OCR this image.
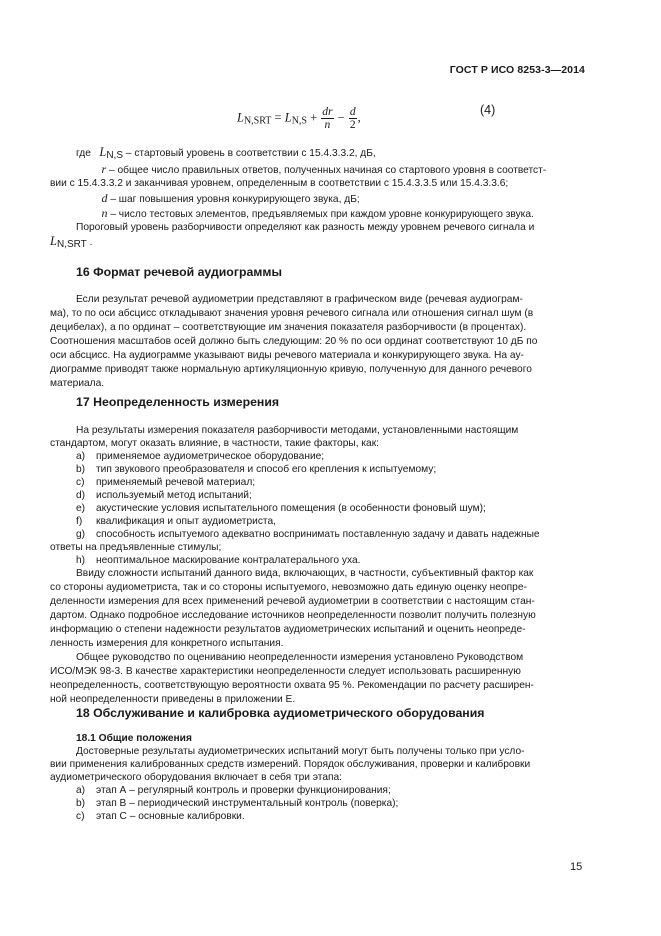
ГОСТ Р ИСО 8253-3—2014
$L_{N,SRT} = L_{N,S} + \frac{dr}{n} - \frac{d}{2}$ ,
(4)
где LN,S – стартовый уровень в соответствии с 15.4.3.3.2, дБ,
r – общее число правильных ответов, полученных начиная со стартового уровня в соответст-
вии с 15.4.3.3.2 и заканчивая уровнем, определенным в соответствии с 15.4.3.3.5 или 15.4.3.3.6;
d – шаг повышения уровня конкурирующего звука, дБ;
n – число тестовых элементов, предъявляемых при каждом уровне конкурирующего звука.
Пороговый уровень разборчивости определяют как разность между уровнем речевого сигнала и
LN,SRT .
16 Формат речевой аудиограммы
Если результат речевой аудиометрии представляют в графическом виде (речевая аудиограм-
ма), то по оси абсцисс откладывают значения уровня речевого сигнала или отношения сигнал шум (в
децибелах), а по ординат – соответствующие им значения показателя разборчивости (в процентах).
Соотношения масштабов осей должно быть следующим: 20 % по оси ординат соответствуют 10 дБ по
оси абсцисс. На аудиограмме указывают виды речевого материала и конкурирующего звука. На ау-
диограмме приводят также нормальную артикуляционную кривую, полученную для данного речевого
материала.
17 Неопределенность измерения
На результаты измерения показателя разборчивости методами, установленными настоящим
стандартом, могут оказать влияние, в частности, такие факторы, как:
a) применяемое аудиометрическое оборудование;
b) тип звукового преобразователя и способ его крепления к испытуемому;
c) применяемый речевой материал;
d) используемый метод испытаний;
e) акустические условия испытательного помещения (в особенности фоновый шум);
f) квалификация и опыт аудиометриста,
g) способность испытуемого адекватно воспринимать поставленную задачу и давать надежные
ответы на предъявленные стимулы;
h) неоптимальное маскирование контралатерального уха.
Ввиду сложности испытаний данного вида, включающих, в частности, субъективный фактор как
со стороны аудиометриста, так и со стороны испытуемого, невозможно дать единую оценку неопре-
деленности измерения для всех применений речевой аудиометрии в соответствии с настоящим стан-
дартом. Однако подробное исследование источников неопределенности позволит получить полезную
информацию о степени надежности результатов аудиометрических испытаний и оценить неопреде-
ленность измерения для конкретного испытания.
Общее руководство по оцениванию неопределенности измерения установлено Руководством
ИСО/МЭК 98-3. В качестве характеристики неопределенности следует использовать расширенную
неопределенность, соответствующую вероятности охвата 95 %. Рекомендации по расчету расширен-
ной неопределенности приведены в приложении Е.
18 Обслуживание и калибровка аудиометрического оборудования
18.1 Общие положения
Достоверные результаты аудиометрических испытаний могут быть получены только при усло-
вии применения калиброванных средств измерений. Порядок обслуживания, проверки и калибровки
аудиометрического оборудования включает в себя три этапа:
a) этап А – регулярный контроль и проверки функционирования;
b) этап В – периодический инструментальный контроль (поверка);
c) этап С – основные калибровки.
15
